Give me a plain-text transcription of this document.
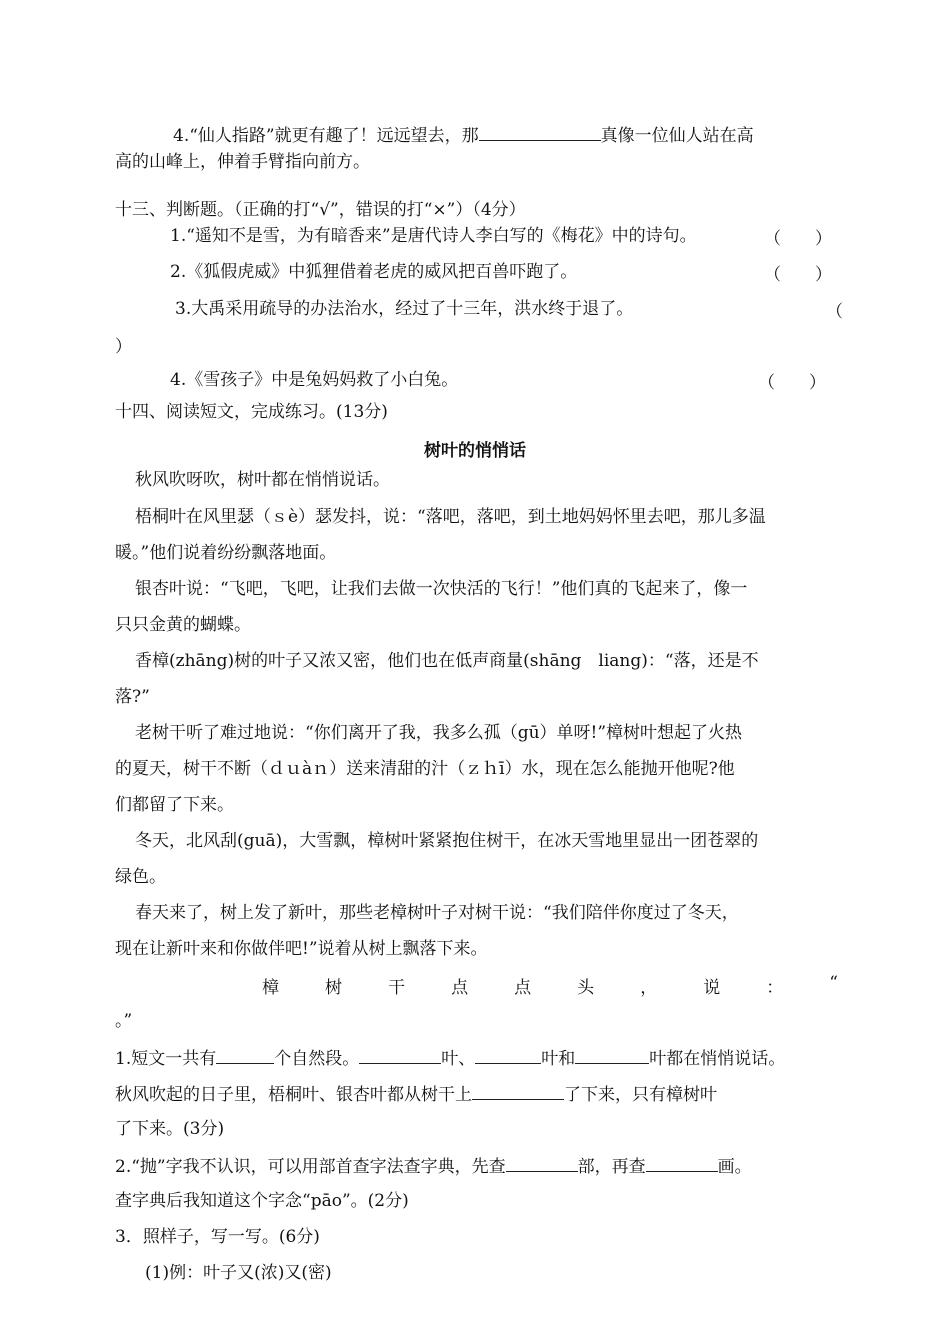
4.“仙人指路”就更有趣了！远远望去，那	真像一位仙人站在高
高的山峰上，伸着手臂指向前方。
十三、判断题。（正确的打“√”，错误的打“×”）（4分）
1.“遥知不是雪，为有暗香来”是唐代诗人李白写的《梅花》中的诗句。	（　　）
2.《狐假虎威》中狐狸借着老虎的威风把百兽吓跑了。	（　　）
3.大禹采用疏导的办法治水，经过了十三年，洪水终于退了。	（
）
4.《雪孩子》中是兔妈妈救了小白兔。	（　　）
十四、阅读短文，完成练习。(13分)
树叶的悄悄话
秋风吹呀吹，树叶都在悄悄说话。
梧桐叶在风里瑟（ｓè）瑟发抖，说：“落吧，落吧，到土地妈妈怀里去吧，那儿多温
暖。”他们说着纷纷飘落地面。
银杏叶说：“飞吧，飞吧，让我们去做一次快活的飞行！”他们真的飞起来了，像一
只只金黄的蝴蝶。
香樟(zhāng)树的叶子又浓又密，他们也在低声商量(shāng　liang)：“落，还是不
落?”
老树干听了难过地说：“你们离开了我，我多么孤（gū）单呀!”樟树叶想起了火热
的夏天，树干不断（ｄｕàｎ）送来清甜的汁（ｚｈī）水，现在怎么能抛开他呢?他
们都留了下来。
冬天，北风刮(guā)，大雪飘，樟树叶紧紧抱住树干，在冰天雪地里显出一团苍翠的
绿色。
春天来了，树上发了新叶，那些老樟树叶子对树干说：“我们陪伴你度过了冬天，
现在让新叶来和你做伴吧!”说着从树上飘落下来。
樟	树	干	点	点	头	，	说	：	“
。”
1.短文一共有	个自然段。	叶、	叶和	叶都在悄悄说话。
秋风吹起的日子里，梧桐叶、银杏叶都从树干上	了下来，只有樟树叶
了下来。(3分)
2.“抛”字我不认识，可以用部首查字法查字典，先查	部，再查	画。
查字典后我知道这个字念“pāo”。(2分)
3．照样子，写一写。(6分)
(1)例：叶子又(浓)又(密)
